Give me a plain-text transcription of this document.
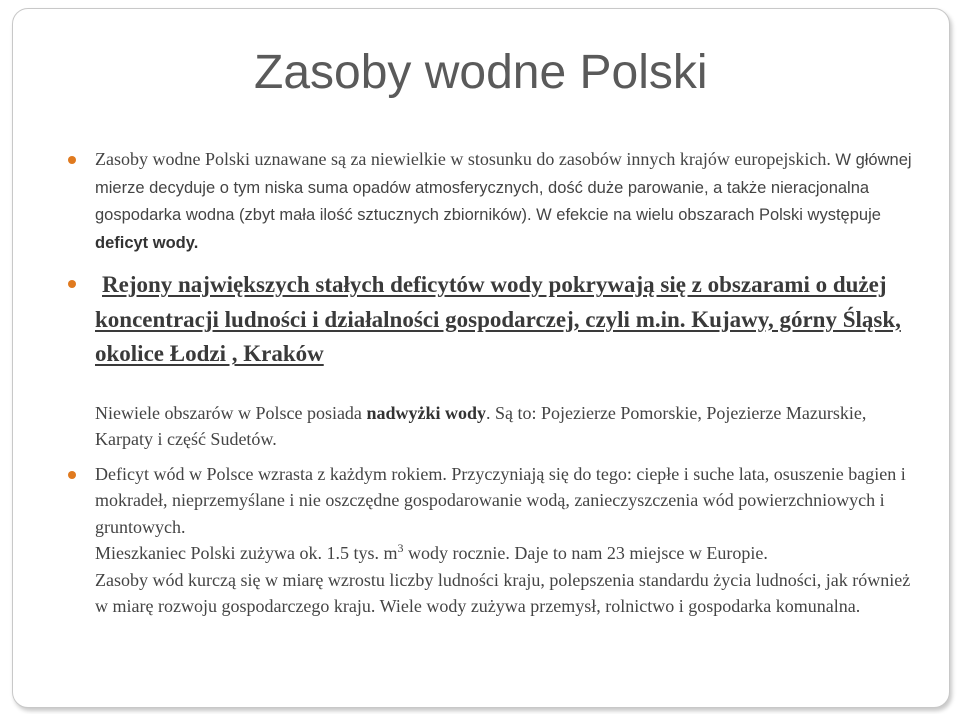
Zasoby wodne Polski
Zasoby wodne Polski uznawane są za niewielkie w stosunku do zasobów innych krajów europejskich. W głównej mierze decyduje o tym niska suma opadów atmosferycznych, dość duże parowanie, a także nieracjonalna gospodarka wodna (zbyt mała ilość sztucznych zbiorników). W efekcie na wielu obszarach Polski występuje deficyt wody.
Rejony największych stałych deficytów wody pokrywają się z obszarami o dużej koncentracji ludności i działalności gospodarczej, czyli m.in. Kujawy, górny Śląsk, okolice Łodzi , Kraków
Niewiele obszarów w Polsce posiada nadwyżki wody. Są to: Pojezierze Pomorskie, Pojezierze Mazurskie, Karpaty i część Sudetów.
Deficyt wód w Polsce wzrasta z każdym rokiem. Przyczyniają się do tego: ciepłe i suche lata, osuszenie bagien i mokradeł, nieprzemyślane i nie oszczędne gospodarowanie wodą, zanieczyszczenia wód powierzchniowych i gruntowych.
Mieszkaniec Polski zużywa ok. 1.5 tys. $m^3$ wody rocznie. Daje to nam 23 miejsce w Europie.
Zasoby wód kurczą się w miarę wzrostu liczby ludności kraju, polepszenia standardu życia ludności, jak również w miarę rozwoju gospodarczego kraju. Wiele wody zużywa przemysł, rolnictwo i gospodarka komunalna.
